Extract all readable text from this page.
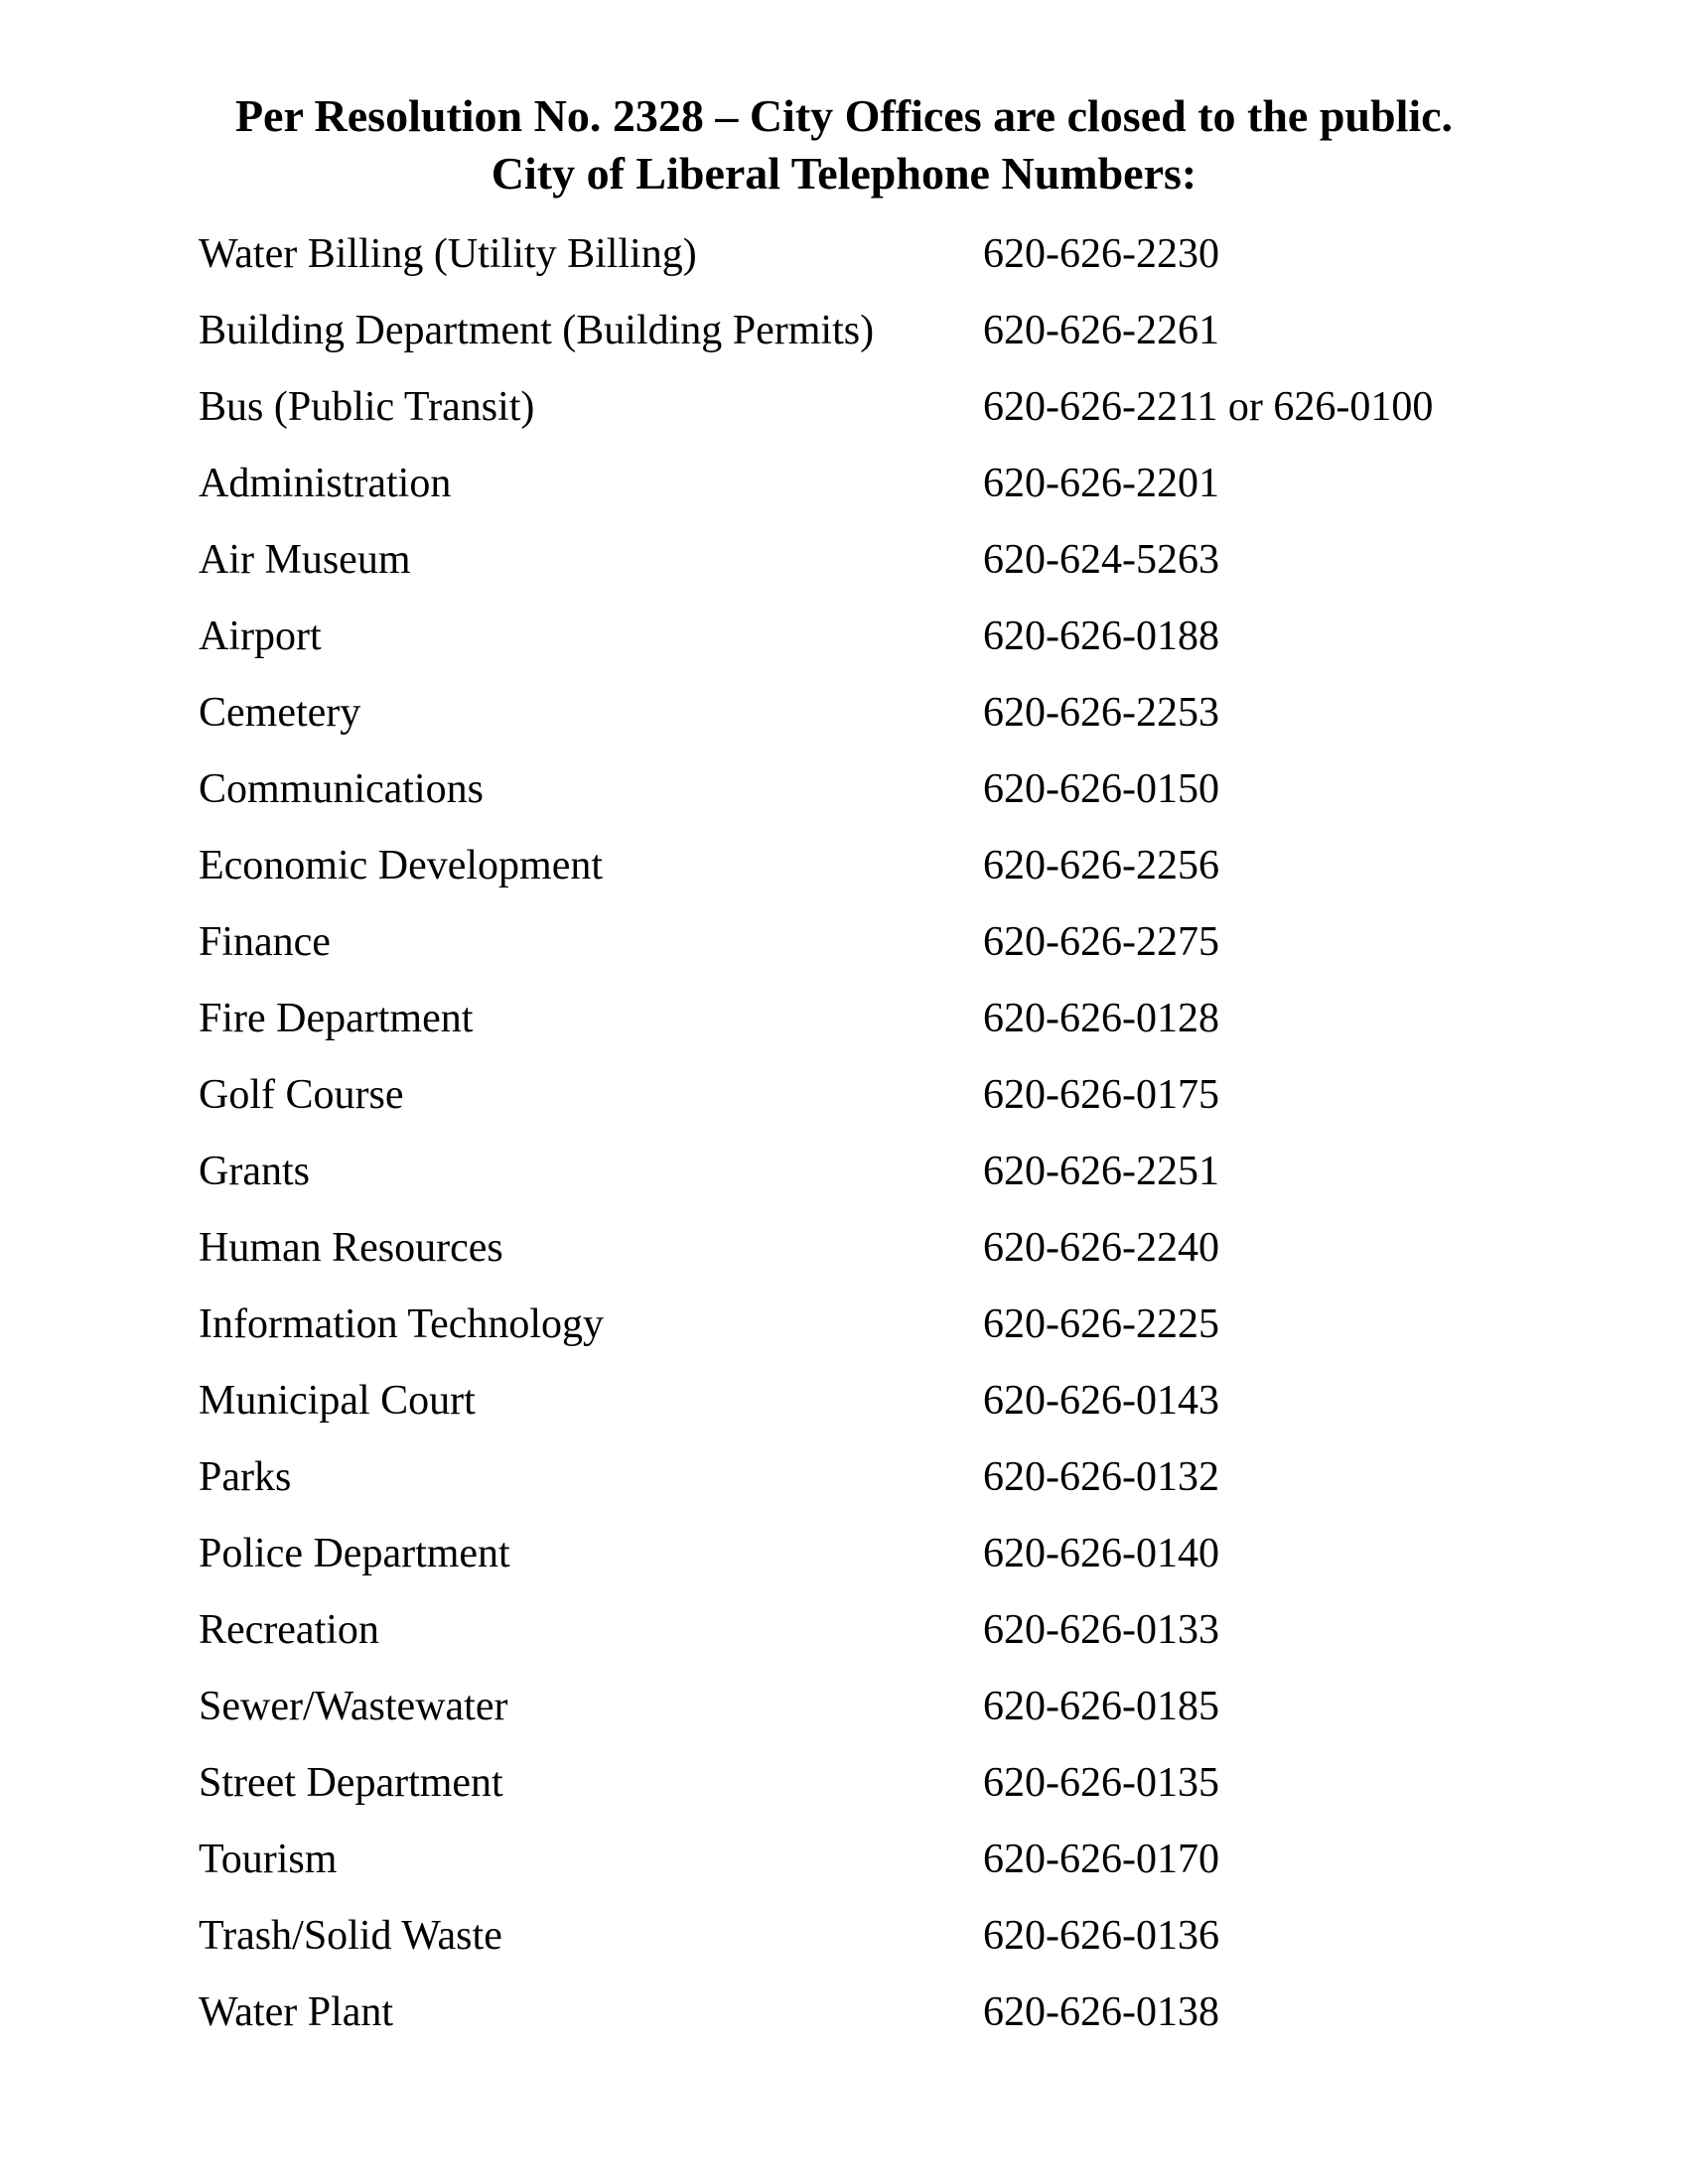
Per Resolution No. 2328 – City Offices are closed to the public.
City of Liberal Telephone Numbers:
Water Billing (Utility Billing)	620-626-2230
Building Department (Building Permits)	620-626-2261
Bus (Public Transit)	620-626-2211 or 626-0100
Administration	620-626-2201
Air Museum	620-624-5263
Airport	620-626-0188
Cemetery	620-626-2253
Communications	620-626-0150
Economic Development	620-626-2256
Finance	620-626-2275
Fire Department	620-626-0128
Golf Course	620-626-0175
Grants	620-626-2251
Human Resources	620-626-2240
Information Technology	620-626-2225
Municipal Court	620-626-0143
Parks	620-626-0132
Police Department	620-626-0140
Recreation	620-626-0133
Sewer/Wastewater	620-626-0185
Street Department	620-626-0135
Tourism	620-626-0170
Trash/Solid Waste	620-626-0136
Water Plant	620-626-0138
